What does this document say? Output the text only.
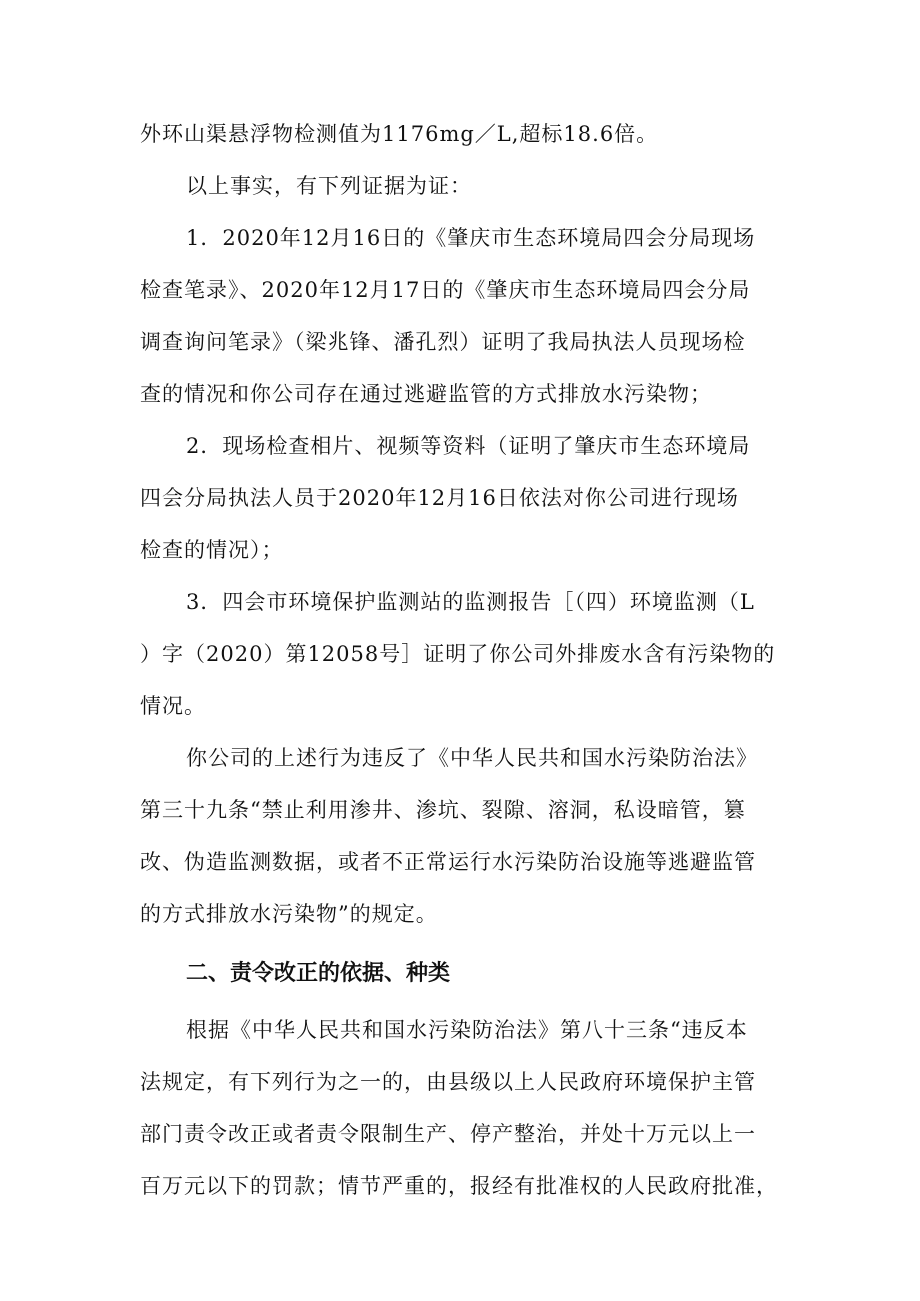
外环山渠悬浮物检测值为1176mg／L,超标18.6倍。
以上事实，有下列证据为证：
1．2020年12月16日的《肇庆市生态环境局四会分局现场
检查笔录》、2020年12月17日的《肇庆市生态环境局四会分局
调查询问笔录》（梁兆锋、潘孔烈）证明了我局执法人员现场检
查的情况和你公司存在通过逃避监管的方式排放水污染物；
2．现场检查相片、视频等资料（证明了肇庆市生态环境局
四会分局执法人员于2020年12月16日依法对你公司进行现场
检查的情况）；
3．四会市环境保护监测站的监测报告［（四）环境监测（L
）字（2020）第12058号］证明了你公司外排废水含有污染物的
情况。
你公司的上述行为违反了《中华人民共和国水污染防治法》
第三十九条“禁止利用渗井、渗坑、裂隙、溶洞，私设暗管，篡
改、伪造监测数据，或者不正常运行水污染防治设施等逃避监管
的方式排放水污染物”的规定。
二、责令改正的依据、种类
根据《中华人民共和国水污染防治法》第八十三条“违反本
法规定，有下列行为之一的，由县级以上人民政府环境保护主管
部门责令改正或者责令限制生产、停产整治，并处十万元以上一
百万元以下的罚款；情节严重的，报经有批准权的人民政府批准，
